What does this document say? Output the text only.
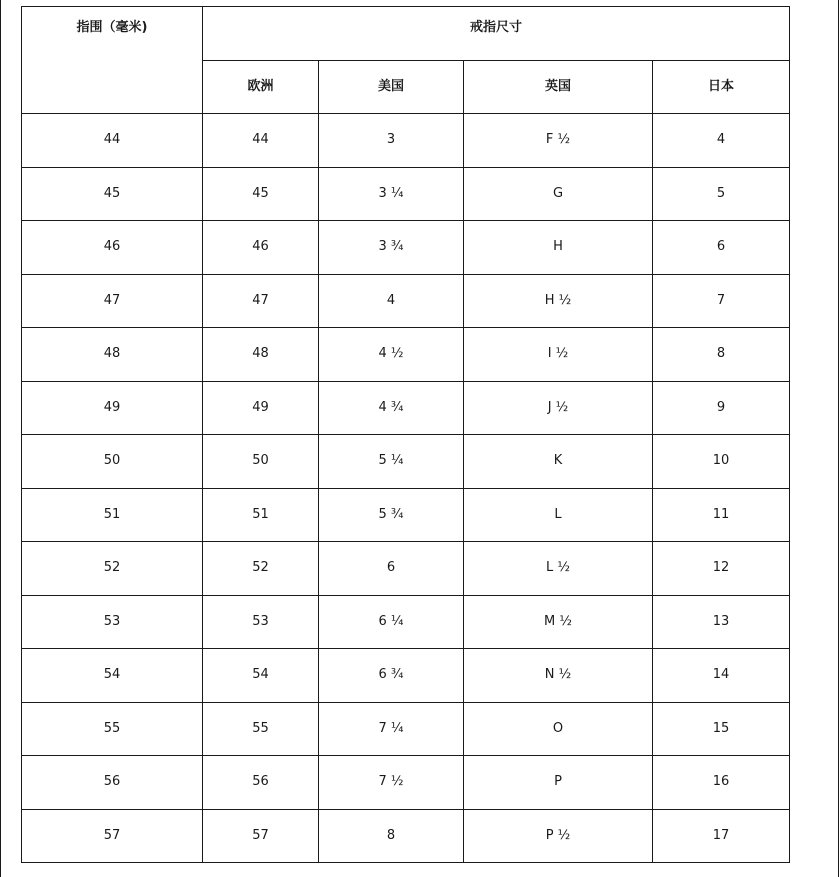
指围（毫米)	戒指尺寸			
	欧洲	美国	英国	日本
44	44	3	F ½	4
45	45	3 ¼	G	5
46	46	3 ¾	H	6
47	47	4	H ½	7
48	48	4 ½	I ½	8
49	49	4 ¾	J ½	9
50	50	5 ¼	K	10
51	51	5 ¾	L	11
52	52	6	L ½	12
53	53	6 ¼	M ½	13
54	54	6 ¾	N ½	14
55	55	7 ¼	O	15
56	56	7 ½	P	16
57	57	8	P ½	17
